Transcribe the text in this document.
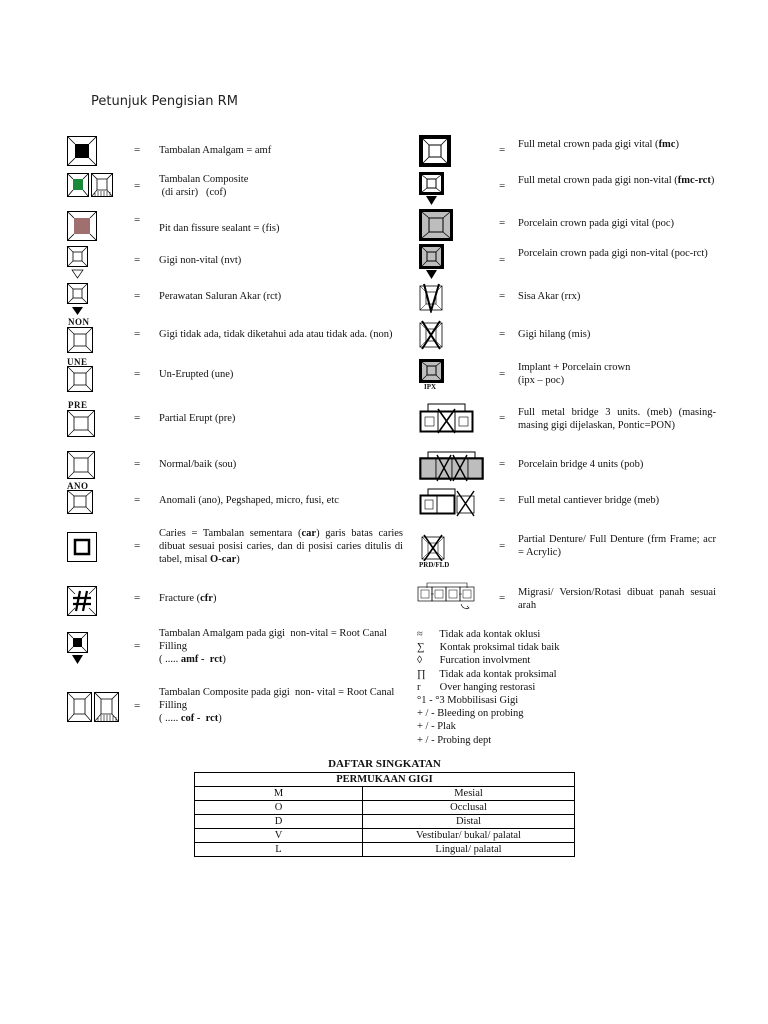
Petunjuk Pengisian RM
NON
UNE
PRE
ANO
= Tambalan Amalgam = amf
=
Tambalan Composite
(di arsir)   (cof)
=

Pit dan fissure sealant = (fis)
= Gigi non-vital (nvt)
= Perawatan Saluran Akar (rct)
= Gigi tidak ada, tidak diketahui ada atau tidak ada. (non)
= Un-Erupted (une)
= Partial Erupt (pre)
= Normal/baik (sou)
= Anomali (ano), Pegshaped, micro, fusi, etc
=
Caries = Tambalan sementara (car) garis batas caries dibuat sesuai posisi caries, dan di posisi caries ditulis di tabel, misal O-car)
= Fracture (cfr)
=
Tambalan Amalgam pada gigi  non-vital = Root Canal Filling
( ..... amf -  rct)
=
Tambalan Composite pada gigi  non- vital = Root Canal Filling
( ..... cof -  rct)
IPX
PRD/FLD
= Full metal crown pada gigi vital (fmc)
= Full metal crown pada gigi non-vital (fmc-rct)
= Porcelain crown pada gigi vital (poc)
=
Porcelain crown pada gigi non-vital (poc-rct)
= Sisa Akar (rrx)
= Gigi hilang (mis)
=
Implant + Porcelain crown
(ipx – poc)
= Full metal bridge 3 units. (meb) (masing-masing gigi dijelaskan, Pontic=PON)
= Porcelain bridge 4 units (pob)
= Full metal cantiever bridge (meb)
=
Partial Denture/ Full Denture (frm Frame; acr = Acrylic)
= Migrasi/ Version/Rotasi dibuat panah sesuai arah
≈ Tidak ada kontak oklusi
∑ Kontak proksimal tidak baik
◊ Furcation involvment
∏ Tidak ada kontak proksimal
r Over hanging restorasi
°1 - °3 Mobbilisasi Gigi
+ / - Bleeding on probing
+ / - Plak
+ / - Probing dept
DAFTAR SINGKATAN
PERMUKAAN GIGI	
M	Mesial
O	Occlusal
D	Distal
V	Vestibular/ bukal/ palatal
L	Lingual/ palatal
